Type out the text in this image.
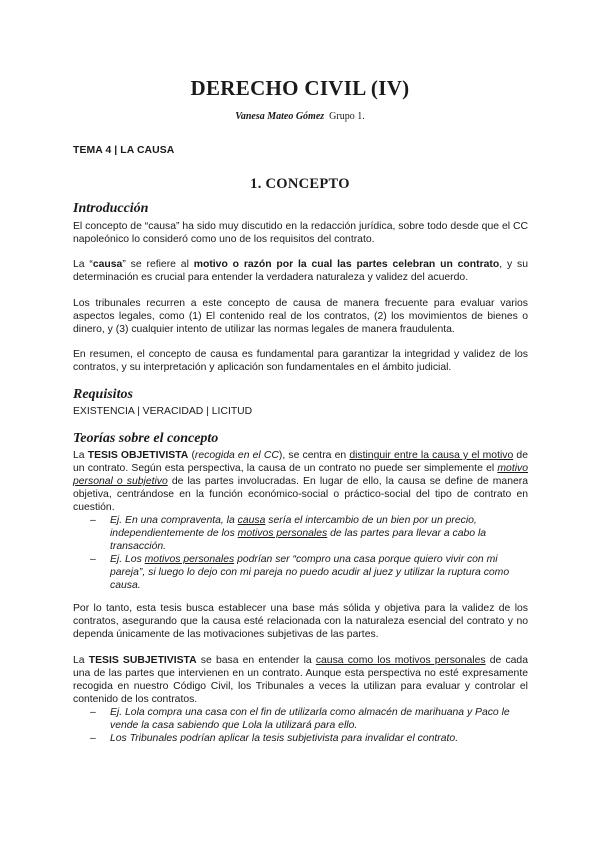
DERECHO CIVIL (IV)
Vanesa Mateo Gómez Grupo 1.
TEMA 4 | LA CAUSA
1. CONCEPTO
Introducción

El concepto de “causa” ha sido muy discutido en la redacción jurídica, sobre todo desde que el CC napoleónico lo consideró como uno de los requisitos del contrato.

La “causa” se refiere al motivo o razón por la cual las partes celebran un contrato, y su determinación es crucial para entender la verdadera naturaleza y validez del acuerdo.

Los tribunales recurren a este concepto de causa de manera frecuente para evaluar varios aspectos legales, como (1) El contenido real de los contratos, (2) los movimientos de bienes o dinero, y (3) cualquier intento de utilizar las normas legales de manera fraudulenta.

En resumen, el concepto de causa es fundamental para garantizar la integridad y validez de los contratos, y su interpretación y aplicación son fundamentales en el ámbito judicial.

Requisitos
EXISTENCIA | VERACIDAD | LICITUD
Teorías sobre el concepto

La TESIS OBJETIVISTA (recogida en el CC), se centra en distinguir entre la causa y el motivo de un contrato. Según esta perspectiva, la causa de un contrato no puede ser simplemente el motivo personal o subjetivo de las partes involucradas. En lugar de ello, la causa se define de manera objetiva, centrándose en la función económico-social o práctico-social del tipo de contrato en cuestión.

– Ej. En una compraventa, la causa sería el intercambio de un bien por un precio, independientemente de los motivos personales de las partes para llevar a cabo la transacción.
– Ej. Los motivos personales podrían ser “compro una casa porque quiero vivir con mi pareja”, si luego lo dejo con mi pareja no puedo acudir al juez y utilizar la ruptura como causa.

Por lo tanto, esta tesis busca establecer una base más sólida y objetiva para la validez de los contratos, asegurando que la causa esté relacionada con la naturaleza esencial del contrato y no dependa únicamente de las motivaciones subjetivas de las partes.

La TESIS SUBJETIVISTA se basa en entender la causa como los motivos personales de cada una de las partes que intervienen en un contrato. Aunque esta perspectiva no esté expresamente recogida en nuestro Código Civil, los Tribunales a veces la utilizan para evaluar y controlar el contenido de los contratos.

– Ej. Lola compra una casa con el fin de utilizarla como almacén de marihuana y Paco le vende la casa sabiendo que Lola la utilizará para ello.
– Los Tribunales podrían aplicar la tesis subjetivista para invalidar el contrato.
